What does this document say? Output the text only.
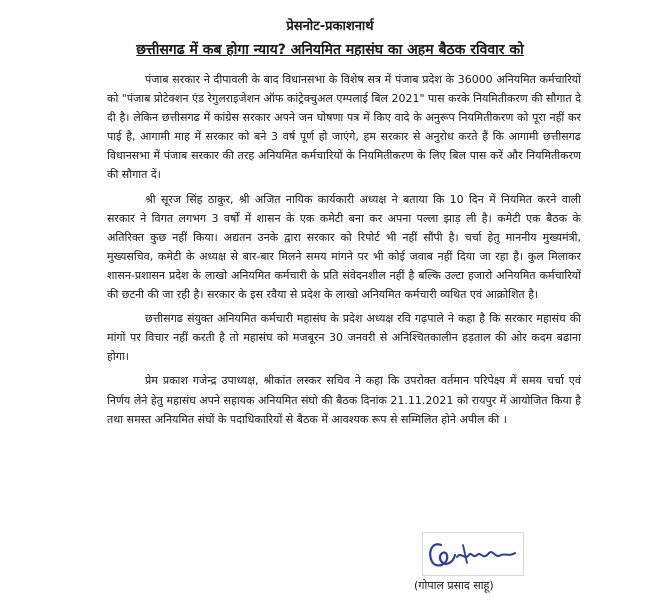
प्रेसनोट-प्रकाशनार्थ
छत्तीसगढ में कब होगा न्याय? अनियमित महासंघ का अहम बैठक रविवार को

पंजाब सरकार ने दीपावली के बाद विधानसभा के विशेष सत्र में पंजाब प्रदेश के 36000 अनियमित कर्मचारियों को "पंजाब प्रोटेक्शन एंड रेगुलराइजेशन ऑफ कांट्रेक्चुअल एम्पलाई बिल 2021" पास करके नियमितीकरण की सौगात दे दी है। लेकिन छत्तीसगढ में कांग्रेस सरकार अपने जन घोषणा पत्र में किए वादे के अनुरूप नियमितीकरण को पूरा नहीं कर पाई है, आगामी माह में सरकार को बने 3 वर्ष पूर्ण हो जाएंगे, हम सरकार से अनुरोध करते हैं कि आगामी छत्तीसगढ विधानसभा में पंजाब सरकार की तरह अनियमित कर्मचारियों के नियमितीकरण के लिए बिल पास करें और नियमितीकरण की सौगात दें।

श्री सूरज सिंह ठाकुर, श्री अजित नायिक कार्यकारी अध्यक्ष ने बताया कि 10 दिन में नियमित करने वाली सरकार ने विगत लगभग 3 वर्षों में शासन के एक कमेटी बना कर अपना पल्ला झाड़ ली है। कमेटी एक बैठक के अतिरिक्त कुछ नहीं किया। अद्यतन उनके द्वारा सरकार को रिपोर्ट भी नहीं सौंपी है। चर्चा हेतु माननीय मुख्यमंत्री, मुख्यसचिव, कमेटी के अध्यक्ष से बार-बार मिलने समय मांगने पर भी कोई जवाब नहीं दिया जा रहा है। कुल मिलाकर शासन-प्रशासन प्रदेश के लाखो अनियमित कर्मचारी के प्रति संवेदनशील नहीं है बल्कि उल्टा हजारो अनियमित कर्मचारियों की छटनी की जा रही है। सरकार के इस रवैया से प्रदेश के लाखो अनियमित कर्मचारी व्यथित एवं आक्रोशित है।

छत्तीसगढ संयुक्त अनियमित कर्मचारी महासंघ के प्रदेश अध्यक्ष रवि गढ़पाले ने कहा है कि सरकार महासंघ की मांगों पर विचार नहीं करती है तो महासंघ को मजबूरन 30 जनवरी से अनिश्चितकालीन हड़ताल की ओर कदम बढाना होगा।

प्रेम प्रकाश गजेन्द्र उपाध्यक्ष, श्रीकांत लस्कर सचिव ने कहा कि उपरोक्त वर्तमान परिपेक्ष्य में समय चर्चा एवं निर्णय लेने हेतु महासंघ अपने सहायक अनियमित संघो की बैठक दिनांक 21.11.2021 को रायपुर में आयोजित किया है तथा समस्त अनियमित संघों के पदाधिकारियों से बैठक में आवश्यक रूप से सम्मिलित होने अपील की ।

(गोपाल प्रसाद साहू)
